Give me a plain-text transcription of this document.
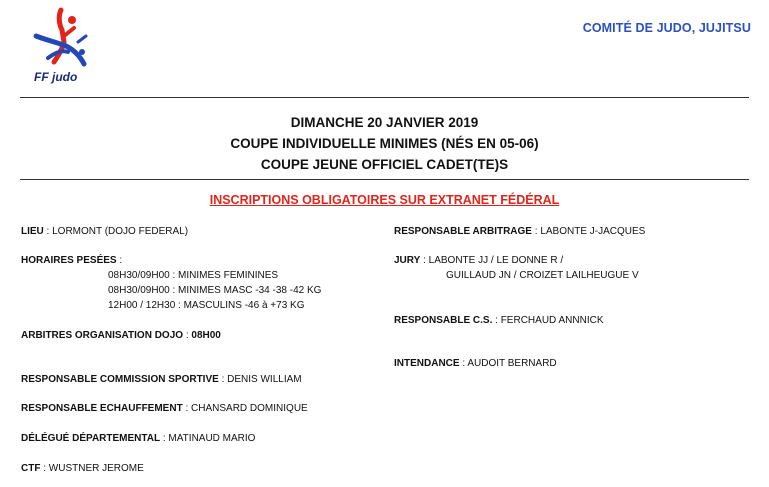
FF judo
COMITÉ DE JUDO, JUJITSU
DIMANCHE 20 JANVIER 2019
COUPE INDIVIDUELLE MINIMES (NÉS EN 05-06)
COUPE JEUNE OFFICIEL CADET(TE)S
INSCRIPTIONS OBLIGATOIRES SUR EXTRANET FÉDÉRAL
LIEU : LORMONT (DOJO FEDERAL)
HORAIRES PESÉES :
08H30/09H00 : MINIMES FEMININES
08H30/09H00 : MINIMES MASC -34 -38 -42 KG
12H00 / 12H30 : MASCULINS -46 à +73 KG
ARBITRES ORGANISATION DOJO : 08H00
RESPONSABLE COMMISSION SPORTIVE : DENIS WILLIAM
RESPONSABLE ECHAUFFEMENT : CHANSARD DOMINIQUE
DÉLÉGUÉ DÉPARTEMENTAL : MATINAUD MARIO
CTF : WUSTNER JEROME
RESPONSABLE ARBITRAGE : LABONTE J-JACQUES
JURY : LABONTE JJ / LE DONNE R /
GUILLAUD JN / CROIZET LAILHEUGUE V
RESPONSABLE C.S. : FERCHAUD ANNNICK
INTENDANCE : AUDOIT BERNARD
